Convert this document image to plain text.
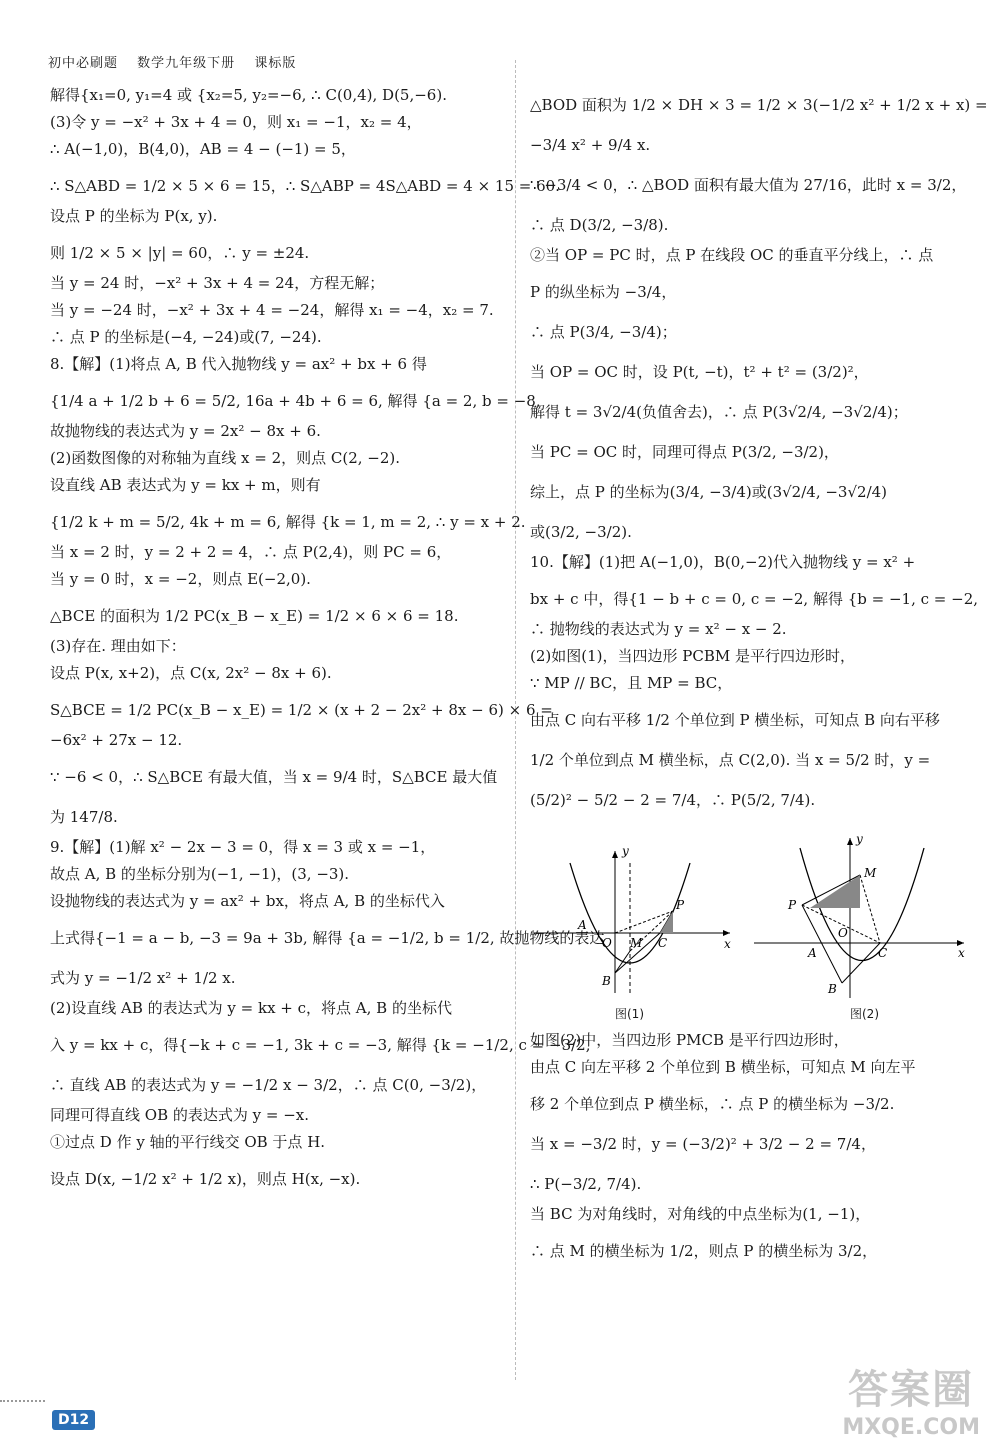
初中必刷题 数学九年级下册 课标版
解得{x₁=0, y₁=4 或 {x₂=5, y₂=−6, ∴ C(0,4), D(5,−6).
(3)令 y = −x² + 3x + 4 = 0，则 x₁ = −1，x₂ = 4，
∴ A(−1,0)，B(4,0)，AB = 4 − (−1) = 5，
∴ S△ABD = 1/2 × 5 × 6 = 15，∴ S△ABP = 4S△ABD = 4 × 15 = 60.
设点 P 的坐标为 P(x, y).
则 1/2 × 5 × |y| = 60，∴ y = ±24.
当 y = 24 时，−x² + 3x + 4 = 24，方程无解；
当 y = −24 时，−x² + 3x + 4 = −24，解得 x₁ = −4，x₂ = 7.
∴ 点 P 的坐标是(−4, −24)或(7, −24).
8.【解】(1)将点 A, B 代入抛物线 y = ax² + bx + 6 得
{1/4 a + 1/2 b + 6 = 5/2, 16a + 4b + 6 = 6, 解得 {a = 2, b = −8,
故抛物线的表达式为 y = 2x² − 8x + 6.
(2)函数图像的对称轴为直线 x = 2，则点 C(2, −2).
设直线 AB 表达式为 y = kx + m，则有
{1/2 k + m = 5/2, 4k + m = 6, 解得 {k = 1, m = 2, ∴ y = x + 2.
当 x = 2 时，y = 2 + 2 = 4，∴ 点 P(2,4)，则 PC = 6，
当 y = 0 时，x = −2，则点 E(−2,0).
△BCE 的面积为 1/2 PC(x_B − x_E) = 1/2 × 6 × 6 = 18.
(3)存在. 理由如下：
设点 P(x, x+2)，点 C(x, 2x² − 8x + 6).
S△BCE = 1/2 PC(x_B − x_E) = 1/2 × (x + 2 − 2x² + 8x − 6) × 6 =
−6x² + 27x − 12.
∵ −6 < 0，∴ S△BCE 有最大值，当 x = 9/4 时，S△BCE 最大值
为 147/8.
9.【解】(1)解 x² − 2x − 3 = 0，得 x = 3 或 x = −1，
故点 A, B 的坐标分别为(−1, −1)，(3, −3).
设抛物线的表达式为 y = ax² + bx，将点 A, B 的坐标代入
上式得{−1 = a − b, −3 = 9a + 3b, 解得 {a = −1/2, b = 1/2, 故抛物线的表达
式为 y = −1/2 x² + 1/2 x.
(2)设直线 AB 的表达式为 y = kx + c，将点 A, B 的坐标代
入 y = kx + c，得{−k + c = −1, 3k + c = −3, 解得 {k = −1/2, c = −3/2,
∴ 直线 AB 的表达式为 y = −1/2 x − 3/2，∴ 点 C(0, −3/2)，
同理可得直线 OB 的表达式为 y = −x.
①过点 D 作 y 轴的平行线交 OB 于点 H.
设点 D(x, −1/2 x² + 1/2 x)，则点 H(x, −x).
△BOD 面积为 1/2 × DH × 3 = 1/2 × 3(−1/2 x² + 1/2 x + x) =
−3/4 x² + 9/4 x.
∵ −3/4 < 0，∴ △BOD 面积有最大值为 27/16，此时 x = 3/2，
∴ 点 D(3/2, −3/8).
②当 OP = PC 时，点 P 在线段 OC 的垂直平分线上，∴ 点
P 的纵坐标为 −3/4，
∴ 点 P(3/4, −3/4)；
当 OP = OC 时，设 P(t, −t)，t² + t² = (3/2)²，
解得 t = 3√2/4(负值舍去)，∴ 点 P(3√2/4, −3√2/4)；
当 PC = OC 时，同理可得点 P(3/2, −3/2)，
综上，点 P 的坐标为(3/4, −3/4)或(3√2/4, −3√2/4)
或(3/2, −3/2).
10.【解】(1)把 A(−1,0)，B(0,−2)代入抛物线 y = x² +
bx + c 中，得{1 − b + c = 0, c = −2, 解得 {b = −1, c = −2,
∴ 抛物线的表达式为 y = x² − x − 2.
(2)如图(1)，当四边形 PCBM 是平行四边形时，
∵ MP // BC，且 MP = BC，
由点 C 向右平移 1/2 个单位到 P 横坐标，可知点 B 向右平移
1/2 个单位到点 M 横坐标，点 C(2,0). 当 x = 5/2 时，y =
(5/2)² − 5/2 − 2 = 7/4，∴ P(5/2, 7/4).
y
x
A
O M C
P
B
图(1)
y
x
M
P
O
A	C
B
图(2)
如图(2)中，当四边形 PMCB 是平行四边形时，
由点 C 向左平移 2 个单位到 B 横坐标，可知点 M 向左平
移 2 个单位到点 P 横坐标，∴ 点 P 的横坐标为 −3/2.
当 x = −3/2 时，y = (−3/2)² + 3/2 − 2 = 7/4，
∴ P(−3/2, 7/4).
当 BC 为对角线时，对角线的中点坐标为(1, −1)，
∴ 点 M 的横坐标为 1/2，则点 P 的横坐标为 3/2，
D12
答案圈
MXQE.COM
